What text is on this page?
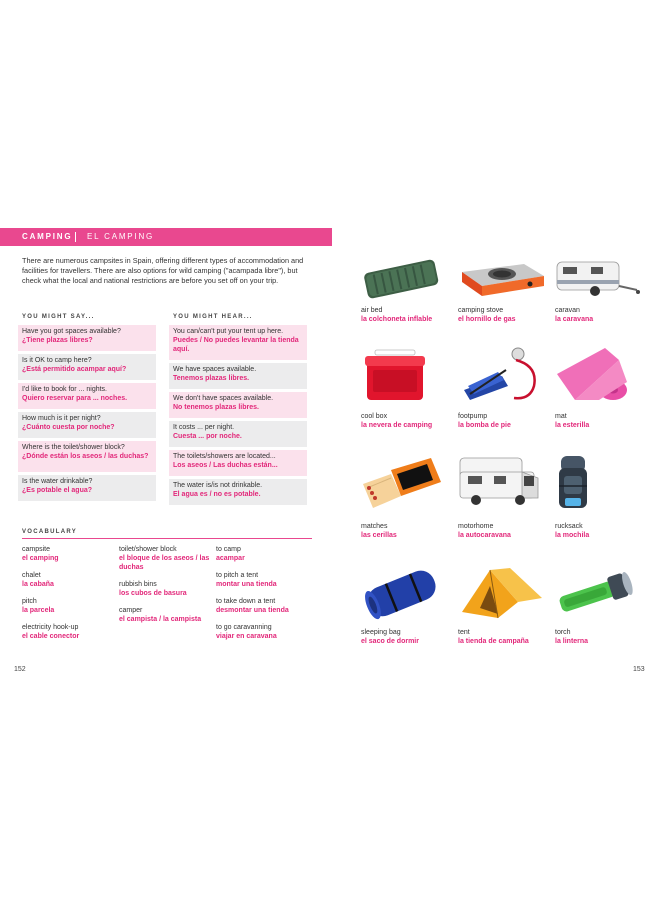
CAMPING EL CAMPING
There are numerous campsites in Spain, offering different types of accommodation and facilities for travellers. There are also options for wild camping ("acampada libre"), but check what the local and national restrictions are before you set off on your trip.
YOU MIGHT SAY...	YOU MIGHT HEAR...
Have you got spaces available?
¿Tiene plazas libres?
Is it OK to camp here?
¿Está permitido acampar aquí?
I'd like to book for ... nights.
Quiero reservar para ... noches.
How much is it per night?
¿Cuánto cuesta por noche?
Where is the toilet/shower block?
¿Dónde están los aseos / las duchas?
Is the water drinkable?
¿Es potable el agua?
You can/can't put your tent up here.
Puedes / No puedes levantar la tienda aquí.
We have spaces available.
Tenemos plazas libres.
We don't have spaces available.
No tenemos plazas libres.
It costs ... per night.
Cuesta ... por noche.
The toilets/showers are located...
Los aseos / Las duchas están...
The water is/is not drinkable.
El agua es / no es potable.
VOCABULARY
campsite
el camping
chalet
la cabaña
pitch
la parcela
electricity hook-up
el cable conector
toilet/shower block
el bloque de los aseos / las duchas
rubbish bins
los cubos de basura
camper
el campista / la campista
to camp
acampar
to pitch a tent
montar una tienda
to take down a tent
desmontar una tienda
to go caravanning
viajar en caravana
152
air bed
la colchoneta inflable
camping stove
el hornillo de gas
caravan
la caravana
cool box
la nevera de camping
footpump
la bomba de pie
mat
la esterilla
matches
las cerillas
motorhome
la autocaravana
rucksack
la mochila
sleeping bag
el saco de dormir
tent
la tienda de campaña
torch
la linterna
153
